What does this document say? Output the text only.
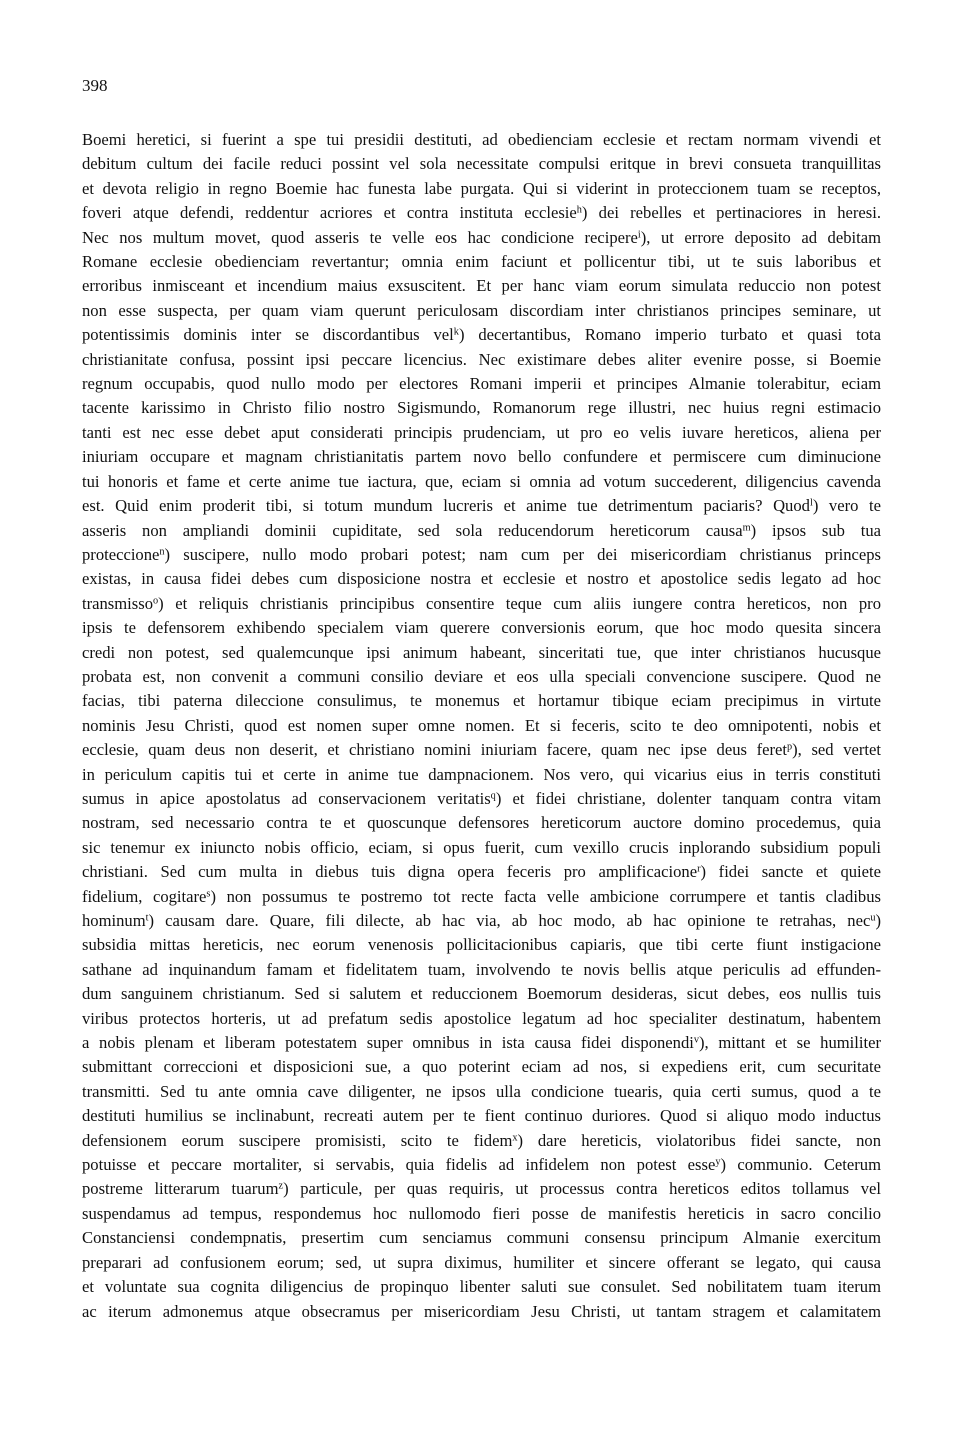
398
Boemi heretici, si fuerint a spe tui presidii destituti, ad obedienciam ecclesie et rectam normam vivendi et
debitum cultum dei facile reduci possint vel sola necessitate compulsi eritque in brevi consueta tranquillitas
et devota religio in regno Boemie hac funesta labe purgata. Qui si viderint in proteccionem tuam se receptos,
foveri atque defendi, reddentur acriores et contra instituta ecclesie$^h$) dei rebelles et pertinaciores in heresi.
Nec nos multum movet, quod asseris te velle eos hac condicione recipere$^i$), ut errore deposito ad debitam
Romane ecclesie obedienciam revertantur; omnia enim faciunt et pollicentur tibi, ut te suis laboribus et
erroribus inmisceant et incendium maius exsuscitent. Et per hanc viam eorum simulata reduccio non potest
non esse suspecta, per quam viam querunt periculosam discordiam inter christianos principes seminare, ut
potentissimis dominis inter se discordantibus vel$^k$) decertantibus, Romano imperio turbato et quasi tota
christianitate confusa, possint ipsi peccare licencius. Nec existimare debes aliter evenire posse, si Boemie
regnum occupabis, quod nullo modo per electores Romani imperii et principes Almanie tolerabitur, eciam
tacente karissimo in Christo filio nostro Sigismundo, Romanorum rege illustri, nec huius regni estimacio
tanti est nec esse debet aput considerati principis prudenciam, ut pro eo velis iuvare hereticos, aliena per
iniuriam occupare et magnam christianitatis partem novo bello confundere et permiscere cum diminucione
tui honoris et fame et certe anime tue iactura, que, eciam si omnia ad votum succederent, diligencius cavenda
est. Quid enim proderit tibi, si totum mundum lucreris et anime tue detrimentum paciaris? Quod$^l$) vero te
asseris non ampliandi dominii cupiditate, sed sola reducendorum hereticorum causa$^m$) ipsos sub tua
proteccione$^n$) suscipere, nullo modo probari potest; nam cum per dei misericordiam christianus princeps
existas, in causa fidei debes cum disposicione nostra et ecclesie et nostro et apostolice sedis legato ad hoc
transmisso$^o$) et reliquis christianis principibus consentire teque cum aliis iungere contra hereticos, non pro
ipsis te defensorem exhibendo specialem viam querere conversionis eorum, que hoc modo quesita sincera
credi non potest, sed qualemcunque ipsi animum habeant, sinceritati tue, que inter christianos hucusque
probata est, non convenit a communi consilio deviare et eos ulla speciali convencione suscipere. Quod ne
facias, tibi paterna dileccione consulimus, te monemus et hortamur tibique eciam precipimus in virtute
nominis Jesu Christi, quod est nomen super omne nomen. Et si feceris, scito te deo omnipotenti, nobis et
ecclesie, quam deus non deserit, et christiano nomini iniuriam facere, quam nec ipse deus feret$^p$), sed vertet
in periculum capitis tui et certe in anime tue dampnacionem. Nos vero, qui vicarius eius in terris constituti
sumus in apice apostolatus ad conservacionem veritatis$^q$) et fidei christiane, dolenter tanquam contra vitam
nostram, sed necessario contra te et quoscunque defensores hereticorum auctore domino procedemus, quia
sic tenemur ex iniuncto nobis officio, eciam, si opus fuerit, cum vexillo crucis inplorando subsidium populi
christiani. Sed cum multa in diebus tuis digna opera feceris pro amplificacione$^r$) fidei sancte et quiete
fidelium, cogitare$^s$) non possumus te postremo tot recte facta velle ambicione corrumpere et tantis cladibus
hominum$^t$) causam dare. Quare, fili dilecte, ab hac via, ab hoc modo, ab hac opinione te retrahas, nec$^u$)
subsidia mittas hereticis, nec eorum venenosis pollicitacionibus capiaris, que tibi certe fiunt instigacione
sathane ad inquinandum famam et fidelitatem tuam, involvendo te novis bellis atque periculis ad effunden-
dum sanguinem christianum. Sed si salutem et reduccionem Boemorum desideras, sicut debes, eos nullis tuis
viribus protectos horteris, ut ad prefatum sedis apostolice legatum ad hoc specialiter destinatum, habentem
a nobis plenam et liberam potestatem super omnibus in ista causa fidei disponendi$^v$), mittant et se humiliter
submittant correccioni et disposicioni sue, a quo poterint eciam ad nos, si expediens erit, cum securitate
transmitti. Sed tu ante omnia cave diligenter, ne ipsos ulla condicione tuearis, quia certi sumus, quod a te
destituti humilius se inclinabunt, recreati autem per te fient continuo duriores. Quod si aliquo modo inductus
defensionem eorum suscipere promisisti, scito te fidem$^x$) dare hereticis, violatoribus fidei sancte, non
potuisse et peccare mortaliter, si servabis, quia fidelis ad infidelem non potest esse$^y$) communio. Ceterum
postreme litterarum tuarum$^z$) particule, per quas requiris, ut processus contra hereticos editos tollamus vel
suspendamus ad tempus, respondemus hoc nullomodo fieri posse de manifestis hereticis in sacro concilio
Constanciensi condempnatis, presertim cum senciamus communi consensu principum Almanie exercitum
preparari ad confusionem eorum; sed, ut supra diximus, humiliter et sincere offerant se legato, qui causa
et voluntate sua cognita diligencius de propinquo libenter saluti sue consulet. Sed nobilitatem tuam iterum
ac iterum admonemus atque obsecramus per misericordiam Jesu Christi, ut tantam stragem et calamitatem
